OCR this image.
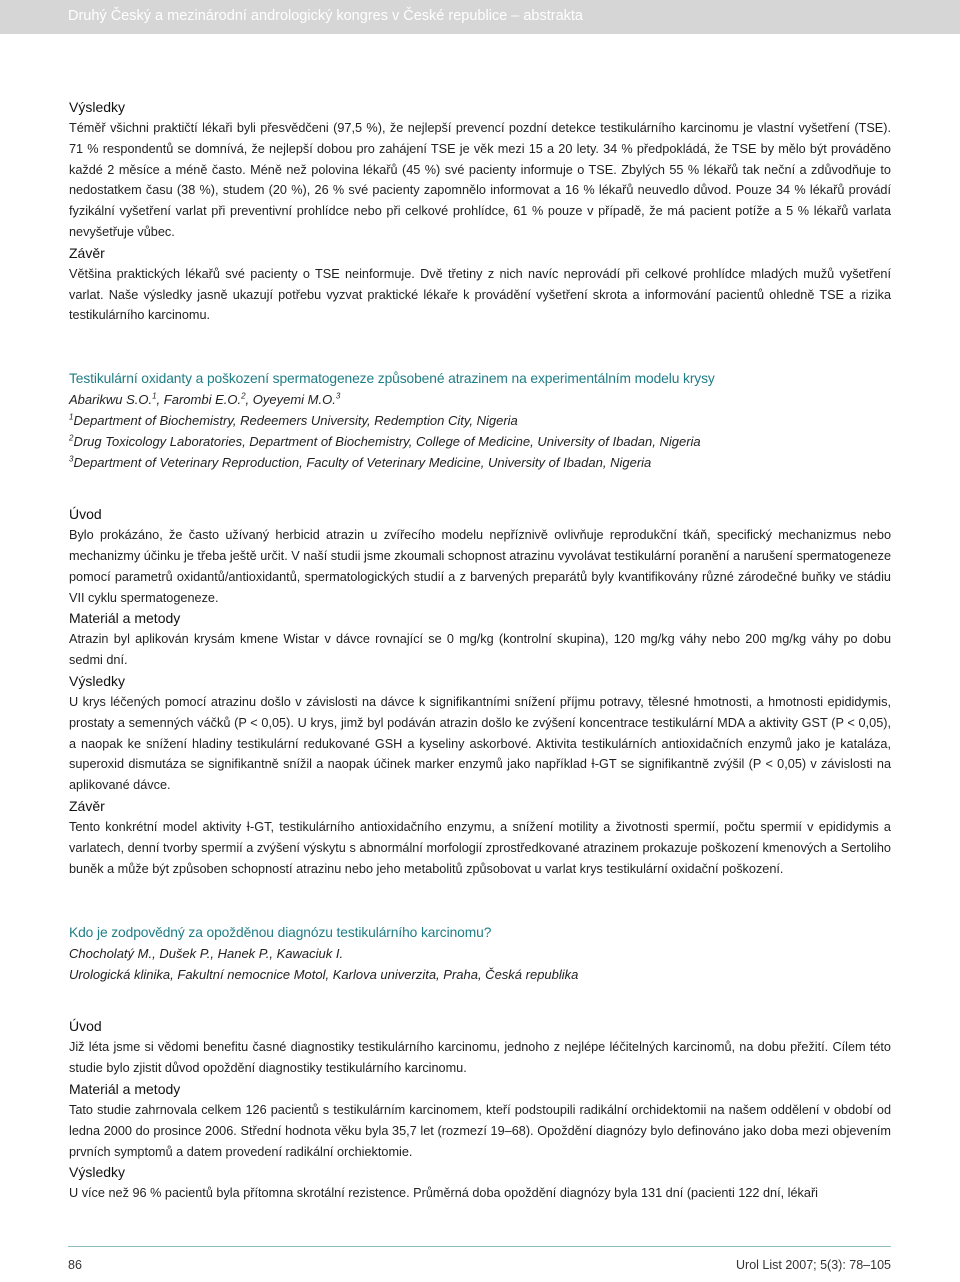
Druhý Český a mezinárodní andrologický kongres v České republice – abstrakta

Výsledky

Téměř všichni praktičtí lékaři byli přesvědčeni (97,5 %), že nejlepší prevencí pozdní detekce testikulárního karcinomu je vlastní vyšetření (TSE). 71 % respondentů se domnívá, že nejlepší dobou pro zahájení TSE je věk mezi 15 a 20 lety. 34 % předpokládá, že TSE by mělo být prováděno každé 2 měsíce a méně často. Méně než polovina lékařů (45 %) své pacienty informuje o TSE. Zbylých 55 % lékařů tak neční a zdůvodňuje to nedostatkem času (38 %), studem (20 %), 26 % své pacienty zapomnělo informovat a 16 % lékařů neuvedlo důvod. Pouze 34 % lékařů provádí fyzikální vyšetření varlat při preventivní prohlídce nebo při celkové prohlídce, 61 % pouze v případě, že má pacient potíže a 5 % lékařů varlata nevyšetřuje vůbec.

Závěr

Většina praktických lékařů své pacienty o TSE neinformuje. Dvě třetiny z nich navíc neprovádí při celkové prohlídce mladých mužů vyšetření varlat. Naše výsledky jasně ukazují potřebu vyzvat praktické lékaře k provádění vyšetření skrota a informování pacientů ohledně TSE a rizika testikulárního karcinomu.

Testikulární oxidanty a poškození spermatogeneze způsobené atrazinem na experimentálním modelu krysy

Abarikwu S.O.$^1$, Farombi E.O.$^2$, Oyeyemi M.O.$^3$

$^1$Department of Biochemistry, Redeemers University, Redemption City, Nigeria

$^2$Drug Toxicology Laboratories, Department of Biochemistry, College of Medicine, University of Ibadan, Nigeria

$^3$Department of Veterinary Reproduction, Faculty of Veterinary Medicine, University of Ibadan, Nigeria

Úvod

Bylo prokázáno, že často užívaný herbicid atrazin u zvířecího modelu nepříznivě ovlivňuje reprodukční tkáň, specifický mechanizmus nebo mechanizmy účinku je třeba ještě určit. V naší studii jsme zkoumali schopnost atrazinu vyvolávat testikulární poranění a narušení spermatogeneze pomocí parametrů oxidantů/antioxidantů, spermatologických studií a z barvených preparátů byly kvantifikovány různé zárodečné buňky ve stádiu VII cyklu spermatogeneze.

Materiál a metody

Atrazin byl aplikován krysám kmene Wistar v dávce rovnající se 0 mg/kg (kontrolní skupina), 120 mg/kg váhy nebo 200 mg/kg váhy po dobu sedmi dní.

Výsledky

U krys léčených pomocí atrazinu došlo v závislosti na dávce k signifikantními snížení příjmu potravy, tělesné hmotnosti, a hmotnosti epididymis, prostaty a semenných váčků (P < 0,05). U krys, jimž byl podáván atrazin došlo ke zvýšení koncentrace testikulární MDA a aktivity GST (P < 0,05), a naopak ke snížení hladiny testikulární redukované GSH a kyseliny askorbové. Aktivita testikulárních antioxidačních enzymů jako je kataláza, superoxid dismutáza se signifikantně snížil a naopak účinek marker enzymů jako například Ɨ-GT se signifikantně zvýšil (P < 0,05) v závislosti na aplikované dávce.

Závěr

Tento konkrétní model aktivity Ɨ-GT, testikulárního antioxidačního enzymu, a snížení motility a životnosti spermií, počtu spermií v epididymis a varlatech, denní tvorby spermií a zvýšení výskytu s abnormální morfologií zprostředkované atrazinem prokazuje poškození kmenových a Sertoliho buněk a může být způsoben schopností atrazinu nebo jeho metabolitů způsobovat u varlat krys testikulární oxidační poškození.

Kdo je zodpovědný za opožděnou diagnózu testikulárního karcinomu?

Chocholatý M., Dušek P., Hanek P., Kawaciuk I.

Urologická klinika, Fakultní nemocnice Motol, Karlova univerzita, Praha, Česká republika

Úvod

Již léta jsme si vědomi benefitu časné diagnostiky testikulárního karcinomu, jednoho z nejlépe léčitelných karcinomů, na dobu přežití. Cílem této studie bylo zjistit důvod opoždění diagnostiky testikulárního karcinomu.

Materiál a metody

Tato studie zahrnovala celkem 126 pacientů s testikulárním karcinomem, kteří podstoupili radikální orchidektomii na našem oddělení v období od ledna 2000 do prosince 2006. Střední hodnota věku byla 35,7 let (rozmezí 19–68). Opoždění diagnózy bylo definováno jako doba mezi objevením prvních symptomů a datem provedení radikální orchiektomie.

Výsledky

U více než 96 % pacientů byla přítomna skrotální rezistence. Průměrná doba opoždění diagnózy byla 131 dní (pacienti 122 dní, lékaři

86	Urol List 2007; 5(3): 78–105
